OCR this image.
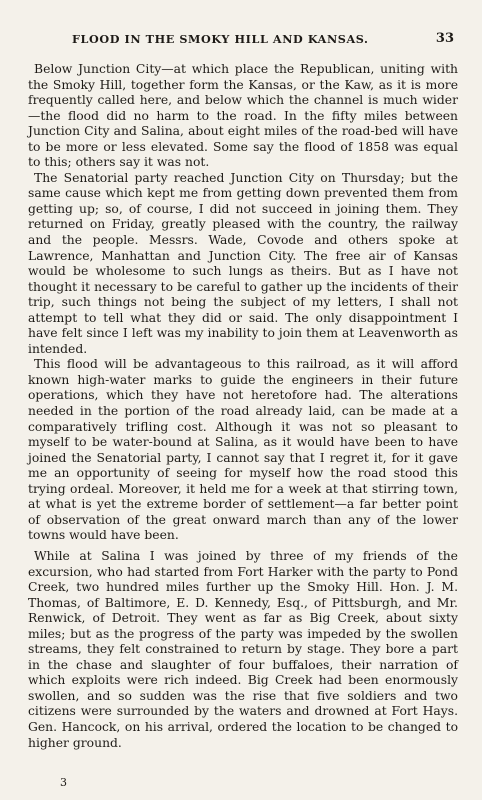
FLOOD IN THE SMOKY HILL AND KANSAS.	33

Below Junction City—at which place the Republican, uniting with the Smoky Hill, together form the Kansas, or the Kaw, as it is more frequently called here, and below which the channel is much wider—the flood did no harm to the road. In the fifty miles between Junction City and Salina, about eight miles of the road-bed will have to be more or less elevated. Some say the flood of 1858 was equal to this; others say it was not.

The Senatorial party reached Junction City on Thursday; but the same cause which kept me from getting down prevented them from getting up; so, of course, I did not succeed in joining them. They returned on Friday, greatly pleased with the country, the railway and the people. Messrs. Wade, Covode and others spoke at Lawrence, Manhattan and Junction City. The free air of Kansas would be wholesome to such lungs as theirs. But as I have not thought it necessary to be careful to gather up the incidents of their trip, such things not being the subject of my letters, I shall not attempt to tell what they did or said. The only disappointment I have felt since I left was my inability to join them at Leavenworth as intended.

This flood will be advantageous to this railroad, as it will afford known high-water marks to guide the engineers in their future operations, which they have not heretofore had. The alterations needed in the portion of the road already laid, can be made at a comparatively trifling cost. Although it was not so pleasant to myself to be water-bound at Salina, as it would have been to have joined the Senatorial party, I cannot say that I regret it, for it gave me an opportunity of seeing for myself how the road stood this trying ordeal. Moreover, it held me for a week at that stirring town, at what is yet the extreme border of settlement—a far better point of observation of the great onward march than any of the lower towns would have been.

While at Salina I was joined by three of my friends of the excursion, who had started from Fort Harker with the party to Pond Creek, two hundred miles further up the Smoky Hill. Hon. J. M. Thomas, of Baltimore, E. D. Kennedy, Esq., of Pittsburgh, and Mr. Renwick, of Detroit. They went as far as Big Creek, about sixty miles; but as the progress of the party was impeded by the swollen streams, they felt constrained to return by stage. They bore a part in the chase and slaughter of four buffaloes, their narration of which exploits were rich indeed. Big Creek had been enormously swollen, and so sudden was the rise that five soldiers and two citizens were surrounded by the waters and drowned at Fort Hays. Gen. Hancock, on his arrival, ordered the location to be changed to higher ground.

3
